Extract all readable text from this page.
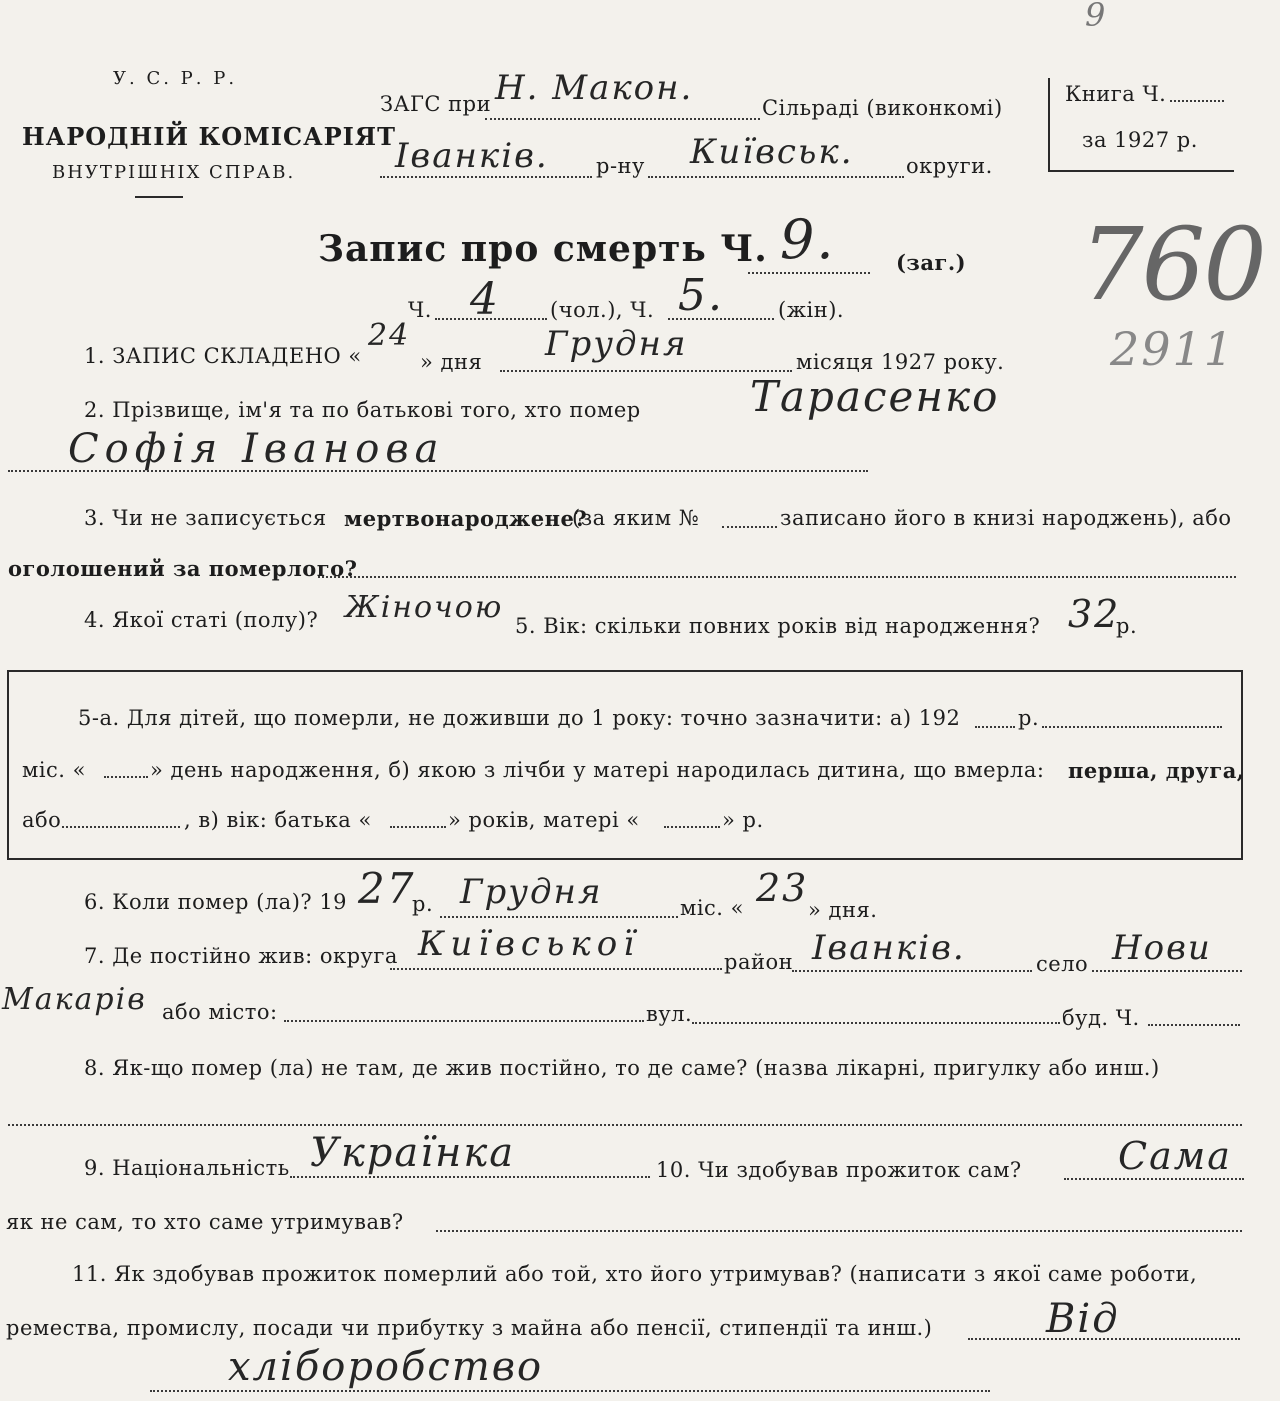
9
760
2911
У. С. Р. Р.
НАРОДНІЙ КОМІСАРІЯТ
ВНУТРІШНІХ СПРАВ.
ЗАГС при Н. Макон.	Сільраді (виконкомі)
Іванків. р-ну Київськ. округи.
Книга Ч.
за 1927 р.
Запис про смерть Ч. 9.	(заг.)
Ч. 4 (чол.), Ч. 5.	(жін).
1. ЗАПИС СКЛАДЕНО «
24
» дня Грудня	місяця 1927 року.
2. Прізвище, ім'я та по батькові того, хто помер	Тарасенко
Софія Іванова
3. Чи не записується мертвонароджене?
(за яким №	записано його в книзі народжень), або
оголошений за померлого?
4. Якої статі (полу)? Жіночою
5. Вік: скільки повних років від народження? 32
р.
5-а. Для дітей, що померли, не доживши до 1 року: точно зазначити: а) 192	р.
міс. «	» день народження, б) якою з лічби у матері народилась дитина, що вмерла: перша, друга,
або	, в) вік: батька «	» років, матері «	» р.
6. Коли помер (ла)? 19 27
р. Грудня	міс. « 23 » дня.
7. Де постійно жив: округа Київської	район Іванків.	село Нови
Макарів або місто:	вул.	буд. Ч.
8. Як-що помер (ла) не там, де жив постійно, то де саме? (назва лікарні, пригулку або инш.)
9. Національність Українка	10. Чи здобував прожиток сам?	Сама
як не сам, то хто саме утримував?
11. Як здобував прожиток померлий або той, хто його утримував? (написати з якої саме роботи,
ремества, промислу, посади чи прибутку з майна або пенсії, стипендії та инш.)	Від
хліборобство
